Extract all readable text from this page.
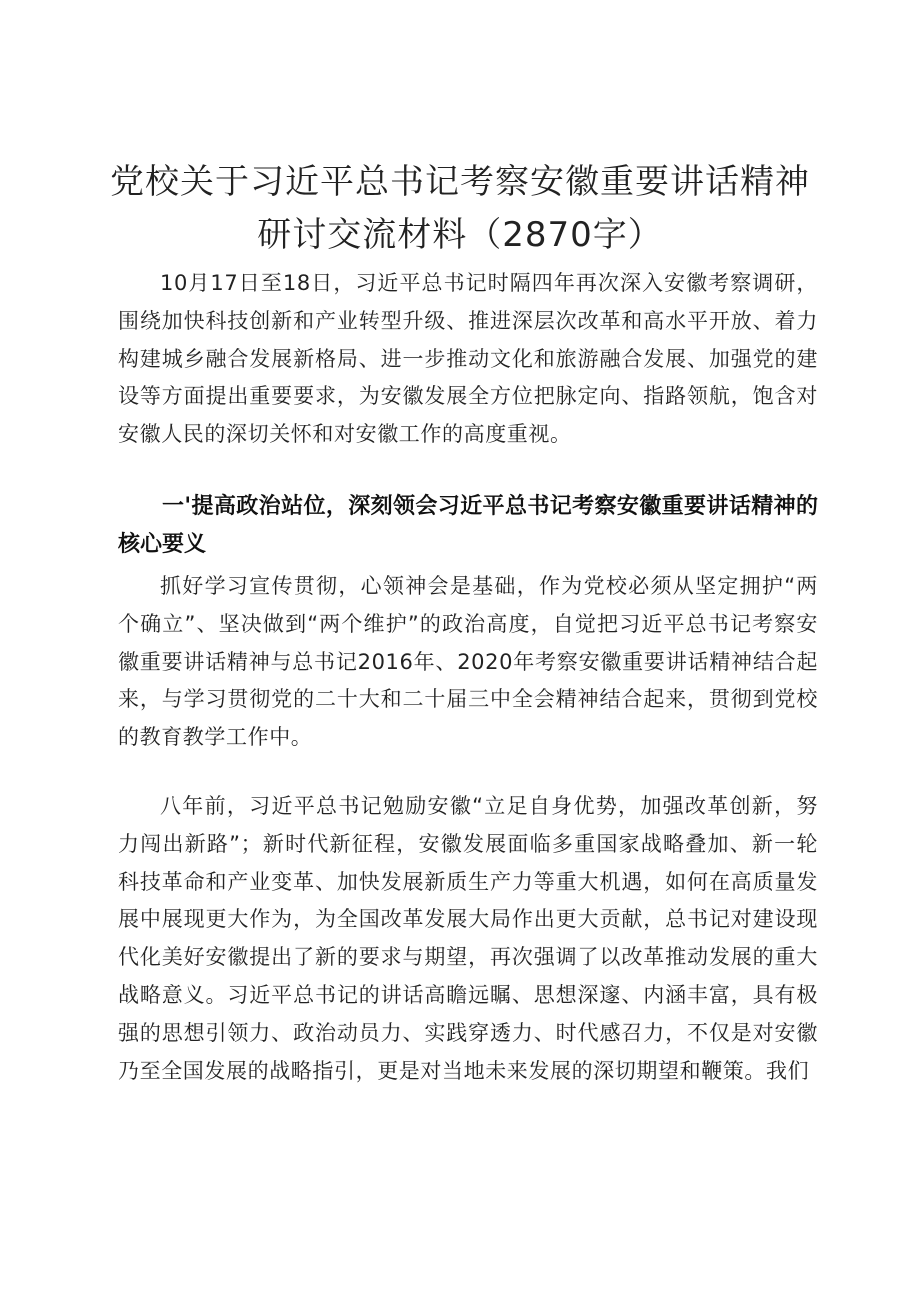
党校关于习近平总书记考察安徽重要讲话精神
研讨交流材料（2870字）
10月17日至18日，习近平总书记时隔四年再次深入安徽考察调研，围绕加快科技创新和产业转型升级、推进深层次改革和高水平开放、着力构建城乡融合发展新格局、进一步推动文化和旅游融合发展、加强党的建设等方面提出重要要求，为安徽发展全方位把脉定向、指路领航，饱含对安徽人民的深切关怀和对安徽工作的高度重视。
一'提高政治站位，深刻领会习近平总书记考察安徽重要讲话精神的核心要义
抓好学习宣传贯彻，心领神会是基础，作为党校必须从坚定拥护“两个确立”、坚决做到“两个维护”的政治高度，自觉把习近平总书记考察安徽重要讲话精神与总书记2016年、2020年考察安徽重要讲话精神结合起来，与学习贯彻党的二十大和二十届三中全会精神结合起来，贯彻到党校的教育教学工作中。
八年前，习近平总书记勉励安徽“立足自身优势，加强改革创新，努力闯出新路”；新时代新征程，安徽发展面临多重国家战略叠加、新一轮科技革命和产业变革、加快发展新质生产力等重大机遇，如何在高质量发展中展现更大作为，为全国改革发展大局作出更大贡献，总书记对建设现代化美好安徽提出了新的要求与期望，再次强调了以改革推动发展的重大战略意义。习近平总书记的讲话高瞻远瞩、思想深邃、内涵丰富，具有极强的思想引领力、政治动员力、实践穿透力、时代感召力，不仅是对安徽乃至全国发展的战略指引，更是对当地未来发展的深切期望和鞭策。我们
